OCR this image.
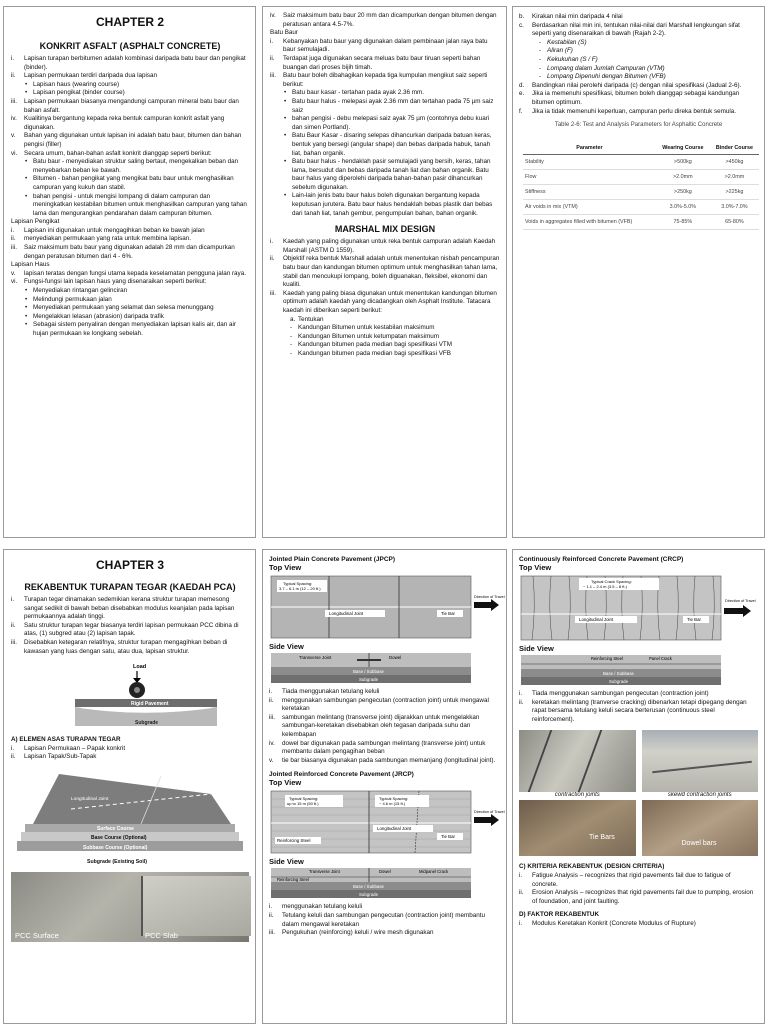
CHAPTER 2
KONKRIT ASFALT (ASPHALT CONCRETE)
i.	Lapisan turapan berbitumen adalah kombinasi daripada batu baur dan pengikat (binder).
ii.	Lapisan permukaan terdiri daripada dua lapisan
• Lapisan haus (wearing course)
• Lapisan pengikat (binder course)
iii.	Lapisan permukaan biasanya mengandungi campuran mineral batu baur dan bahan asfalt.
iv.	Kualitinya bergantung kepada reka bentuk campuran konkrit asfalt yang digunakan.
v.	Bahan yang digunakan untuk lapisan ini adalah batu baur, bitumen dan bahan pengisi (filler)
vi.	Secara umum, bahan-bahan asfalt konkrit dianggap seperti berikut:
• Batu baur - menyediakan struktur saling bertaut, mengekalkan beban dan menyebarkan beban ke bawah.
• Bitumen - bahan pengikat yang mengikat batu baur untuk menghasilkan campuran yang kukuh dan stabil.
• bahan pengisi - untuk mengisi lompang di dalam campuran dan meningkatkan kestabilan bitumen untuk menghasilkan campuran yang tahan lama dan mengurangkan pendarahan dalam campuran bitumen.
Lapisan Pengikat
i.	Lapisan ini digunakan untuk mengagihkan beban ke bawah jalan
ii.	menyediakan permukaan yang rata untuk membina lapisan.
iii.	Saiz maksimum batu baur yang digunakan adalah 28 mm dan dicampurkan dengan peratusan bitumen dari 4 - 6%.
Lapisan Haus
v.	lapisan teratas dengan fungsi utama kepada keselamatan pengguna jalan raya.
vi.	Fungsi-fungsi lain lapisan haus yang disenaraikan seperti berikut:
• Menyediakan rintangan gelinciran
• Melindungi permukaan jalan
• Menyediakan permukaan yang selamat dan selesa menunggang
• Mengelakkan lelasan (abrasion) daripada trafik
• Sebagai sistem penyaliran dengan menyediakan lapisan kalis air, dan air hujan permukaan ke longkang sebelah.
iv.	Saiz maksimum batu baur 20 mm dan dicampurkan dengan bitumen dengan peratusan antara 4.5-7%.
Batu Baur
i.	Kebanyakan batu baur yang digunakan dalam pembinaan jalan raya batu baur semulajadi.
ii.	Terdapat juga digunakan secara meluas batu baur tiruan seperti bahan buangan dari proses bijih timah.
iii.	Batu baur boleh dibahagikan kepada tiga kumpulan mengikut saiz seperti berikut:
• Batu baur kasar - tertahan pada ayak 2.36 mm.
• Batu baur halus - melepasi ayak 2.36 mm dan tertahan pada 75 µm saiz saiz
• bahan pengisi - debu melepasi saiz ayak 75 µm (contohnya debu kuari dan simen Portland).
• Batu Baur Kasar - disaring selepas dihancurkan daripada batuan keras, bentuk yang bersegi (angular shape) dan bebas daripada habuk, tanah liat, bahan organik.
• Batu baur halus - hendaklah pasir semulajadi yang bersih, keras, tahan lama, bersudut dan bebas daripada tanah liat dan bahan organik. Batu baur halus yang diperolehi daripada bahan-bahan pasir dihancurkan sebelum digunakan.
• Lain-lain jenis batu baur halus boleh digunakan bergantung kepada keputusan jurutera. Batu baur halus hendaklah bebas plastik dan bebas dari tanah liat, tanah gembur, pengumpulan bahan, bahan organik.
MARSHAL MIX DESIGN
i.	Kaedah yang paling digunakan untuk reka bentuk campuran adalah Kaedah Marshall (ASTM D 1559).
ii.	Objektif reka bentuk Marshall adalah untuk menentukan nisbah pencampuran batu baur dan kandungan bitumen optimum untuk menghasilkan tahan lama, stabil dan mencukupi lompang, boleh diguanakan, fleksibel, ekonomi dan kualiti.
iii.	Kaedah yang paling biasa digunakan untuk menentukan kandungan bitumen optimum adalah kaedah yang dicadangkan oleh Asphalt Institute. Tatacara kaedah ini diberikan seperti berikut:
a. Tentukan
- Kandungan Bitumen untuk kestabilan maksimum
- Kandungan Bitumen untuk ketumpatan maksimum
- Kandungan bitumen pada median bagi spesifikasi VTM
- Kandungan bitumen pada median bagi spesifikasi VFB
b.	Kirakan nilai min daripada 4 nilai
c.	Berdasarkan nilai min ini, tentukan nilai-nilai dari Marshall lengkungan sifat seperti yang disenaraikan di bawah (Rajah 2-2).
- Kestabilan (S)
- Aliran (F)
- Kekukuhan (S / F)
- Lompang dalam Jumlah Campuran (VTM)
- Lompang Dipenuhi dengan Bitumen (VFB)
d.	Bandingkan nilai perolehi daripada (c) dengan nilai spesifikasi (Jadual 2-6).
e.	Jika ia memenuhi spesifikasi, bitumen boleh dianggap sebagai kandungan bitumen optimum.
f.	Jika ia tidak memenuhi keperluan, campuran perlu direka bentuk semula.
Table 2-6: Test and Analysis Parameters for Asphaltic Concrete
Parameter	Wearing Course	Binder Course
Stability	>500kg	>450kg
Flow	>2.0mm	>2.0mm
Stiffness	>250kg	>225kg
Air voids in mix (VTM)	3.0%-5.0%	3.0%-7.0%
Voids in aggregates filled with bitumen (VFB)	75-85%	65-80%
CHAPTER 3
REKABENTUK TURAPAN TEGAR (KAEDAH PCA)
i.	Turapan tegar dinamakan sedemikian kerana struktur turapan memesong sangat sedikit di bawah beban disebabkan modulus keanjalan pada lapisan permukaannya adalah tinggi.
ii.	Satu struktur turapan tegar biasanya terdiri lapisan permukaan PCC dibina di atas, (1) subgred atau (2) lapisan tapak.
iii.	Disebabkan ketegaran relatifnya, struktur turapan mengagihkan beban di kawasan yang luas dengan satu, atau dua, lapisan struktur.
Load
Rigid Pavement
Subgrade
A) ELEMEN ASAS TURAPAN TEGAR
i.	Lapisan Permukaan – Papak konkrit
ii.	Lapisan Tapak/Sub-Tapak
Longitudinal Joint
Transverse Joint
Surface Course
Base Course (Optional)
Subbase Course (Optional)
Subgrade (Existing Soil)
PCC Surface	PCC Slab
Jointed Plain Concrete Pavement (JPCP)
Top View
Typical Spacing:
3.7 – 6.1 m (12 – 20 ft.)
Longitudinal Joint	Tie Bar
Direction of Travel
Side View
Transverse Joint	Dowel
Base / Subbase
Subgrade
i.	Tiada menggunakan tetulang keluli
ii.	menggunakan sambungan pengecutan (contraction joint) untuk mengawal keretakan
iii.	sambungan melintang (transverse joint) dijarakkan untuk mengelakkan sambungan-keretakan disebabkan oleh tegasan daripada suhu dan kelembapan
iv.	dowel bar digunakan pada sambungan melintang (transverse joint) untuk membantu dalam pengagihan beban
v.	tie bar biasanya digunakan pada sambungan memanjang (longitudinal joint).
Jointed Reinforced Concrete Pavement (JRCP)
Top View
Typical Spacing:
up to 15 m (50 ft.)
Typical Spacing:
~ 4.6 m (15 ft.)
Longitudinal Joint
Tie Bar
Reinforcing Steel
Direction of Travel
Side View
Transverse Joint	Dowel	Midpanel Crack
Reinforcing Steel
Base / Subbase
Subgrade
i.	menggunakan tetulang keluli
ii.	Tetulang keluli dan sambungan pengecutan (contraction joint) membantu dalam mengawal keretakan
iii.	Pengukuhan (reinforcing) keluli / wire mesh digunakan
Continuously Reinforced Concrete Pavement (CRCP)
Top View
Typical Crack Spacing:
~ 1.1 – 2.4 m (3.5 – 8 ft.)
Longitudinal Joint	Tie Bar
Direction of Travel
Side View
Reinforcing Steel	Panel Crack
Base / Subbase
Subgrade
i.	Tiada menggunakan sambungan pengecutan (contraction joint)
ii.	keretakan melintang (tranverse cracking) dibenarkan tetapi dipegang dengan rapat bersama tetulang keluli secara berterusan (continuous steel reinforcement).
contraction joints	skewd contraction joints
Tie Bars
Dowel bars
C) KRITERIA REKABENTUK (DESIGN CRITERIA)
i.	Fatigue Analysis – recognizes that rigid pavements fail due to fatigue of concrete.
ii.	Erosion Analysis – recognizes that rigid pavements fail due to pumping, erosion of foundation, and joint faulting.
D) FAKTOR REKABENTUK
i.	Modulus Keretakan Konkrit (Concrete Modulus of Rupture)
